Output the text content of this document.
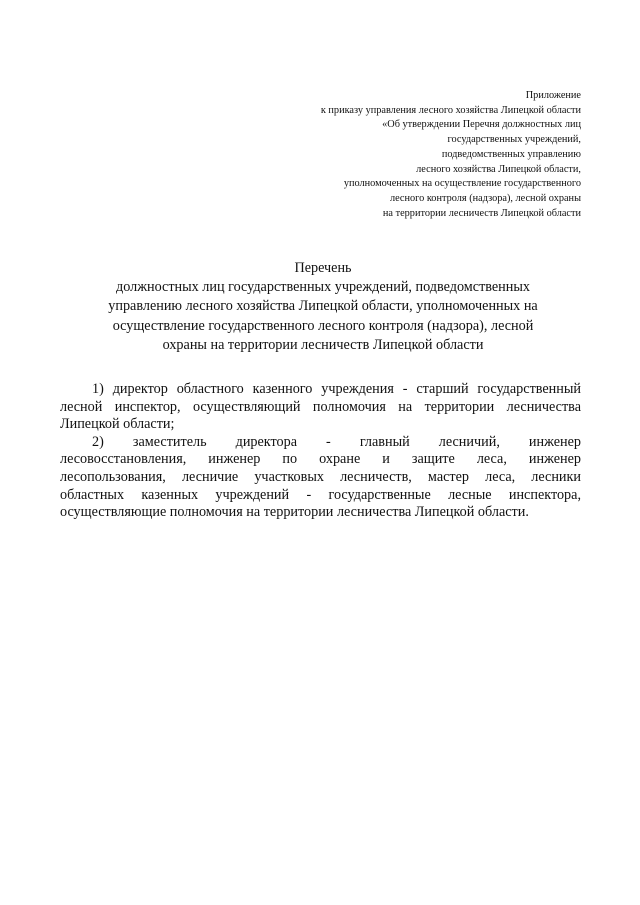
Приложение
к приказу управления лесного хозяйства Липецкой области
«Об утверждении Перечня должностных лиц
государственных учреждений,
подведомственных управлению
лесного хозяйства Липецкой области,
уполномоченных на осуществление государственного
лесного контроля (надзора), лесной охраны
на территории лесничеств Липецкой области
Перечень
должностных лиц государственных учреждений, подведомственных
управлению лесного хозяйства Липецкой области, уполномоченных на
осуществление государственного лесного контроля (надзора), лесной
охраны на территории лесничеств Липецкой области

1) директор областного казенного учреждения - старший государственный
лесной инспектор, осуществляющий полномочия на территории лесничества
Липецкой области;

2) заместитель директора - главный лесничий, инженер
лесовосстановления, инженер по охране и защите леса, инженер
лесопользования, лесничие участковых лесничеств, мастер леса, лесники
областных казенных учреждений - государственные лесные инспектора,
осуществляющие полномочия на территории лесничества Липецкой области.
